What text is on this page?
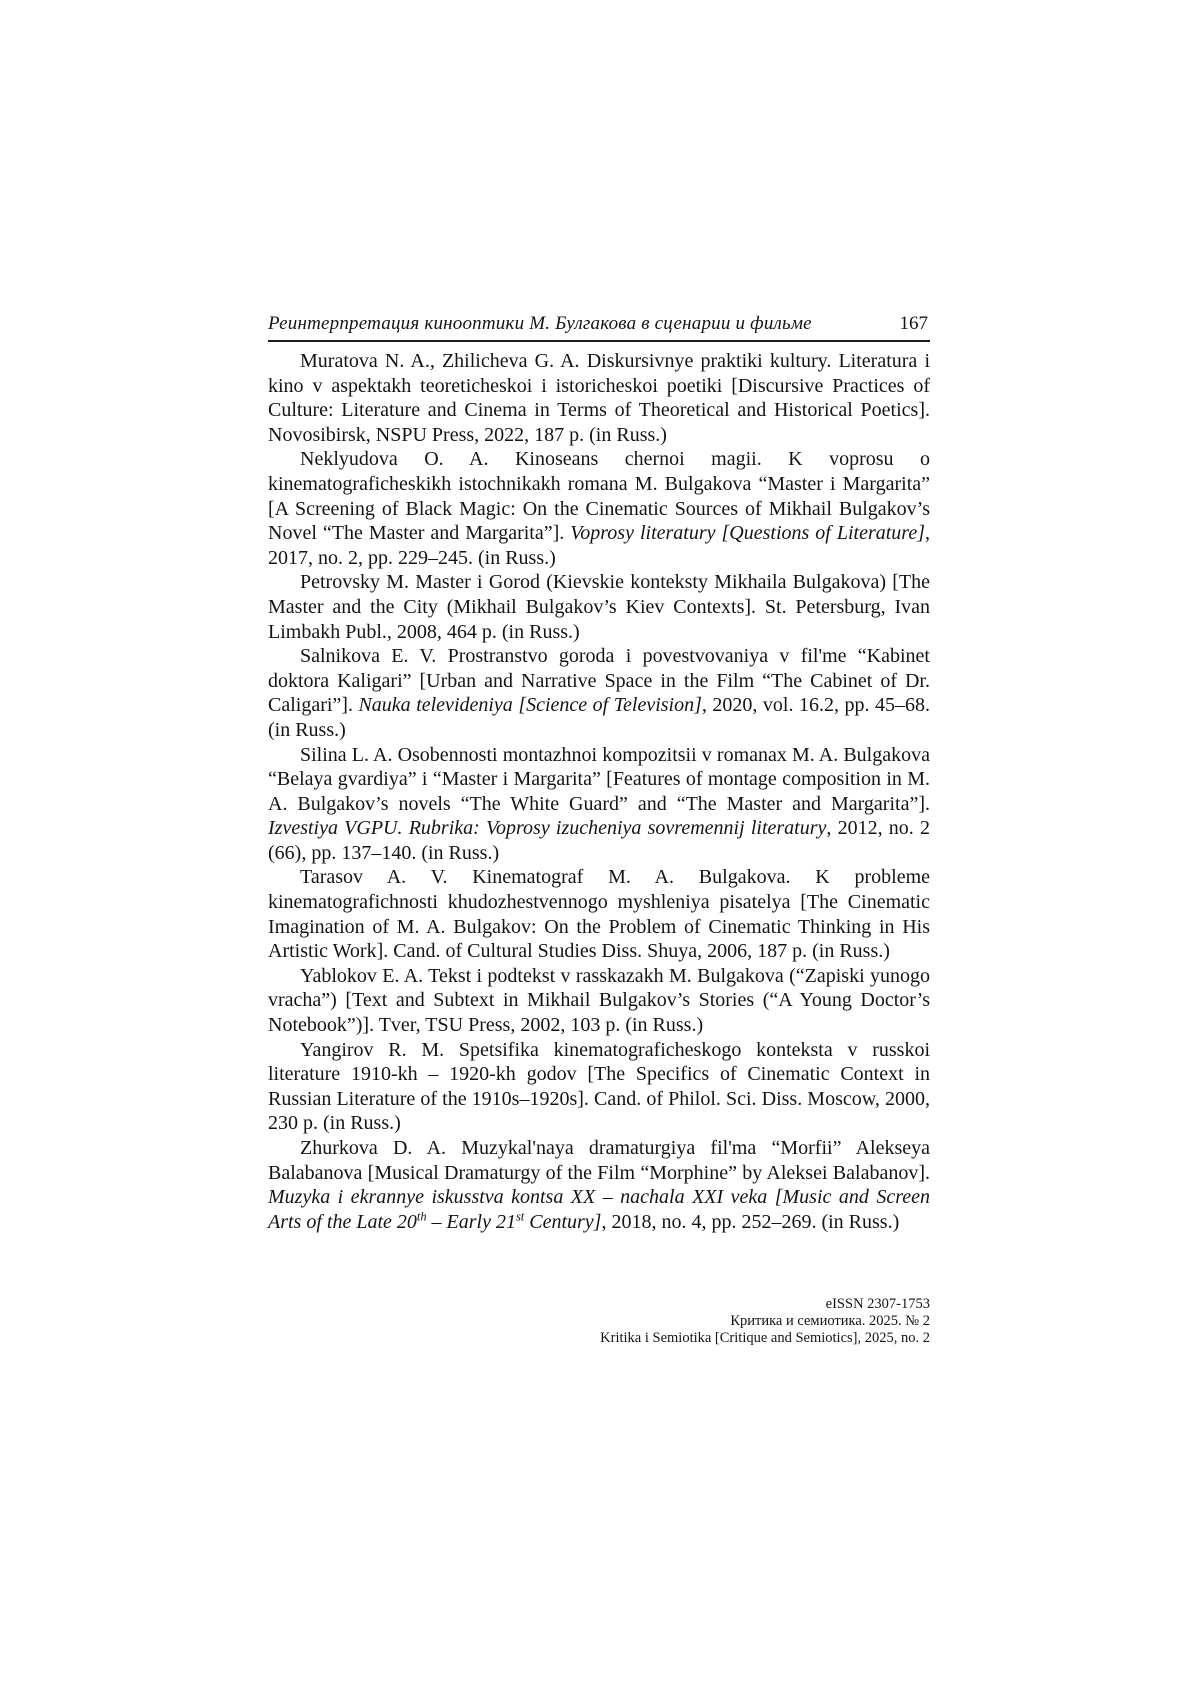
Реинтерпретация кинооптики М. Булгакова в сценарии и фильме	167

Muratova N. A., Zhilicheva G. A. Diskursivnye praktiki kultury. Literatura i kino v aspektakh teoreticheskoi i istoricheskoi poetiki [Discursive Practices of Culture: Literature and Cinema in Terms of Theoretical and Historical Poetics]. Novosibirsk, NSPU Press, 2022, 187 p. (in Russ.)

Neklyudova O. A. Kinoseans chernoi magii. K voprosu o kinematograficheskikh istochnikakh romana M. Bulgakova “Master i Margarita” [A Screening of Black Magic: On the Cinematic Sources of Mikhail Bulgakov’s Novel “The Master and Margarita”]. Voprosy literatury [Questions of Literature], 2017, no. 2, pp. 229–245. (in Russ.)

Petrovsky M. Master i Gorod (Kievskie konteksty Mikhaila Bulgakova) [The Master and the City (Mikhail Bulgakov’s Kiev Contexts]. St. Petersburg, Ivan Limbakh Publ., 2008, 464 p. (in Russ.)

Salnikova E. V. Prostranstvo goroda i povestvovaniya v fil'me “Kabinet doktora Kaligari” [Urban and Narrative Space in the Film “The Cabinet of Dr. Caligari”]. Nauka televideniya [Science of Television], 2020, vol. 16.2, pp. 45–68. (in Russ.)

Silina L. A. Osobennosti montazhnoi kompozitsii v romanax M. A. Bulgakova “Belaya gvardiya” i “Master i Margarita” [Features of montage composition in M. A. Bulgakov’s novels “The White Guard” and “The Master and Margarita”]. Izvestiya VGPU. Rubrika: Voprosy izucheniya sovremennij literatury, 2012, no. 2 (66), pp. 137–140. (in Russ.)

Tarasov A. V. Kinematograf M. A. Bulgakova. K probleme kinematografichnosti khudozhestvennogo myshleniya pisatelya [The Cinematic Imagination of M. A. Bulgakov: On the Problem of Cinematic Thinking in His Artistic Work]. Cand. of Cultural Studies Diss. Shuya, 2006, 187 p. (in Russ.)

Yablokov E. A. Tekst i podtekst v rasskazakh M. Bulgakova (“Zapiski yunogo vracha”) [Text and Subtext in Mikhail Bulgakov’s Stories (“A Young Doctor’s Notebook”)]. Tver, TSU Press, 2002, 103 p. (in Russ.)

Yangirov R. M. Spetsifika kinematograficheskogo konteksta v russkoi literature 1910-kh – 1920-kh godov [The Specifics of Cinematic Context in Russian Literature of the 1910s–1920s]. Cand. of Philol. Sci. Diss. Moscow, 2000, 230 p. (in Russ.)

Zhurkova D. A. Muzykal'naya dramaturgiya fil'ma “Morfii” Alekseya Balabanova [Musical Dramaturgy of the Film “Morphine” by Aleksei Balabanov]. Muzyka i ekrannye iskusstva kontsa XX – nachala XXI veka [Music and Screen Arts of the Late 20th – Early 21st Century], 2018, no. 4, pp. 252–269. (in Russ.)

eISSN 2307-1753
Критика и семиотика. 2025. № 2
Kritika i Semiotika [Critique and Semiotics], 2025, no. 2
